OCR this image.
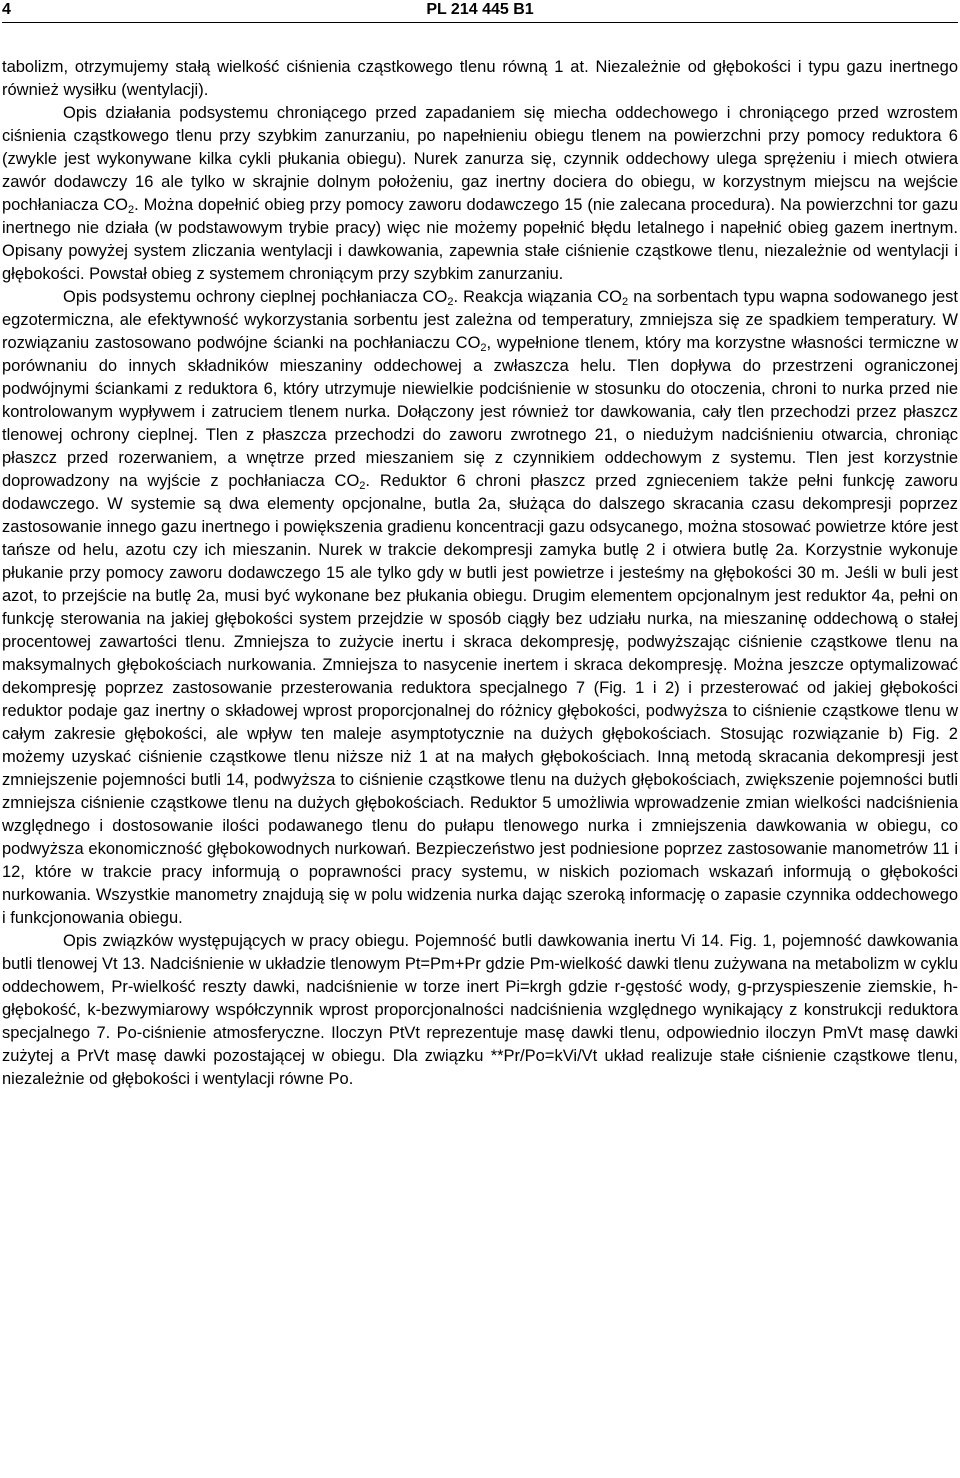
4	PL 214 445 B1

tabolizm, otrzymujemy stałą wielkość ciśnienia cząstkowego tlenu równą 1 at. Niezależnie od głębokości i typu gazu inertnego również wysiłku (wentylacji).

Opis działania podsystemu chroniącego przed zapadaniem się miecha oddechowego i chroniącego przed wzrostem ciśnienia cząstkowego tlenu przy szybkim zanurzaniu, po napełnieniu obiegu tlenem na powierzchni przy pomocy reduktora 6 (zwykle jest wykonywane kilka cykli płukania obiegu). Nurek zanurza się, czynnik oddechowy ulega sprężeniu i miech otwiera zawór dodawczy 16 ale tylko w skrajnie dolnym położeniu, gaz inertny dociera do obiegu, w korzystnym miejscu na wejście pochłaniacza $CO_2$. Można dopełnić obieg przy pomocy zaworu dodawczego 15 (nie zalecana procedura). Na powierzchni tor gazu inertnego nie działa (w podstawowym trybie pracy) więc nie możemy popełnić błędu letalnego i napełnić obieg gazem inertnym. Opisany powyżej system zliczania wentylacji i dawkowania, zapewnia stałe ciśnienie cząstkowe tlenu, niezależnie od wentylacji i głębokości. Powstał obieg z systemem chroniącym przy szybkim zanurzaniu.

Opis podsystemu ochrony cieplnej pochłaniacza $CO_2$. Reakcja wiązania $CO_2$ na sorbentach typu wapna sodowanego jest egzotermiczna, ale efektywność wykorzystania sorbentu jest zależna od temperatury, zmniejsza się ze spadkiem temperatury. W rozwiązaniu zastosowano podwójne ścianki na pochłaniaczu $CO_2$, wypełnione tlenem, który ma korzystne własności termiczne w porównaniu do innych składników mieszaniny oddechowej a zwłaszcza helu. Tlen dopływa do przestrzeni ograniczonej podwójnymi ściankami z reduktora 6, który utrzymuje niewielkie podciśnienie w stosunku do otoczenia, chroni to nurka przed nie kontrolowanym wypływem i zatruciem tlenem nurka. Dołączony jest również tor dawkowania, cały tlen przechodzi przez płaszcz tlenowej ochrony cieplnej. Tlen z płaszcza przechodzi do zaworu zwrotnego 21, o niedużym nadciśnieniu otwarcia, chroniąc płaszcz przed rozerwaniem, a wnętrze przed mieszaniem się z czynnikiem oddechowym z systemu. Tlen jest korzystnie doprowadzony na wyjście z pochłaniacza $CO_2$. Reduktor 6 chroni płaszcz przed zgnieceniem także pełni funkcję zaworu dodawczego. W systemie są dwa elementy opcjonalne, butla 2a, służąca do dalszego skracania czasu dekompresji poprzez zastosowanie innego gazu inertnego i powiększenia gradienu koncentracji gazu odsycanego, można stosować powietrze które jest tańsze od helu, azotu czy ich mieszanin. Nurek w trakcie dekompresji zamyka butlę 2 i otwiera butlę 2a. Korzystnie wykonuje płukanie przy pomocy zaworu dodawczego 15 ale tylko gdy w butli jest powietrze i jesteśmy na głębokości 30 m. Jeśli w buli jest azot, to przejście na butlę 2a, musi być wykonane bez płukania obiegu. Drugim elementem opcjonalnym jest reduktor 4a, pełni on funkcję sterowania na jakiej głębokości system przejdzie w sposób ciągły bez udziału nurka, na mieszaninę oddechową o stałej procentowej zawartości tlenu. Zmniejsza to zużycie inertu i skraca dekompresję, podwyższając ciśnienie cząstkowe tlenu na maksymalnych głębokościach nurkowania. Zmniejsza to nasycenie inertem i skraca dekompresję. Można jeszcze optymalizować dekompresję poprzez zastosowanie przesterowania reduktora specjalnego 7 (Fig. 1 i 2) i przesterować od jakiej głębokości reduktor podaje gaz inertny o składowej wprost proporcjonalnej do różnicy głębokości, podwyższa to ciśnienie cząstkowe tlenu w całym zakresie głębokości, ale wpływ ten maleje asymptotycznie na dużych głębokościach. Stosując rozwiązanie b) Fig. 2 możemy uzyskać ciśnienie cząstkowe tlenu niższe niż 1 at na małych głębokościach. Inną metodą skracania dekompresji jest zmniejszenie pojemności butli 14, podwyższa to ciśnienie cząstkowe tlenu na dużych głębokościach, zwiększenie pojemności butli zmniejsza ciśnienie cząstkowe tlenu na dużych głębokościach. Reduktor 5 umożliwia wprowadzenie zmian wielkości nadciśnienia względnego i dostosowanie ilości podawanego tlenu do pułapu tlenowego nurka i zmniejszenia dawkowania w obiegu, co podwyższa ekonomiczność głębokowodnych nurkowań. Bezpieczeństwo jest podniesione poprzez zastosowanie manometrów 11 i 12, które w trakcie pracy informują o poprawności pracy systemu, w niskich poziomach wskazań informują o głębokości nurkowania. Wszystkie manometry znajdują się w polu widzenia nurka dając szeroką informację o zapasie czynnika oddechowego i funkcjonowania obiegu.

Opis związków występujących w pracy obiegu. Pojemność butli dawkowania inertu Vi 14. Fig. 1, pojemność dawkowania butli tlenowej Vt 13. Nadciśnienie w układzie tlenowym Pt=Pm+Pr gdzie Pm-wielkość dawki tlenu zużywana na metabolizm w cyklu oddechowem, Pr-wielkość reszty dawki, nadciśnienie w torze inert Pi=krgh gdzie r-gęstość wody, g-przyspieszenie ziemskie, h-głębokość, k-bezwymiarowy współczynnik wprost proporcjonalności nadciśnienia względnego wynikający z konstrukcji reduktora specjalnego 7. Po-ciśnienie atmosferyczne. Iloczyn PtVt reprezentuje masę dawki tlenu, odpowiednio iloczyn PmVt masę dawki zużytej a PrVt masę dawki pozostającej w obiegu. Dla związku **Pr/Po=kVi/Vt układ realizuje stałe ciśnienie cząstkowe tlenu, niezależnie od głębokości i wentylacji równe Po.
